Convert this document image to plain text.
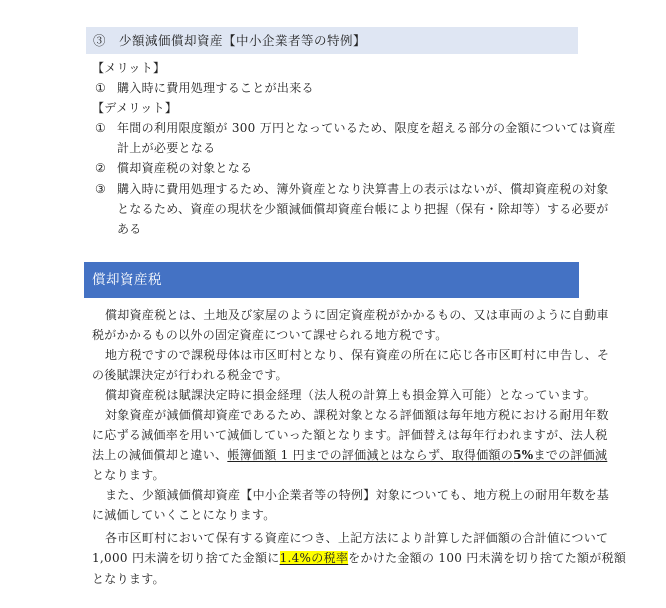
③　少額減価償却資産【中小企業者等の特例】
【メリット】
① 購入時に費用処理することが出来る
【デメリット】
① 年間の利用限度額が 300 万円となっているため、限度を超える部分の金額については資産
計上が必要となる
② 償却資産税の対象となる
③ 購入時に費用処理するため、簿外資産となり決算書上の表示はないが、償却資産税の対象
となるため、資産の現状を少額減価償却資産台帳により把握（保有・除却等）する必要が
ある
償却資産税
償却資産税とは、土地及び家屋のように固定資産税がかかるもの、又は車両のように自動車
税がかかるもの以外の固定資産について課せられる地方税です。
地方税ですので課税母体は市区町村となり、保有資産の所在に応じ各市区町村に申告し、そ
の後賦課決定が行われる税金です。
償却資産税は賦課決定時に損金経理（法人税の計算上も損金算入可能）となっています。
対象資産が減価償却資産であるため、課税対象となる評価額は毎年地方税における耐用年数
に応ずる減価率を用いて減価していった額となります。評価替えは毎年行われますが、法人税
法上の減価償却と違い、帳簿価額 1 円までの評価減とはならず、取得価額の5%までの評価減
となります。
また、少額減価償却資産【中小企業者等の特例】対象についても、地方税上の耐用年数を基
に減価していくことになります。
各市区町村において保有する資産につき、上記方法により計算した評価額の合計値について
1,000 円未満を切り捨てた金額に1.4%の税率をかけた金額の 100 円未満を切り捨てた額が税額
となります。
